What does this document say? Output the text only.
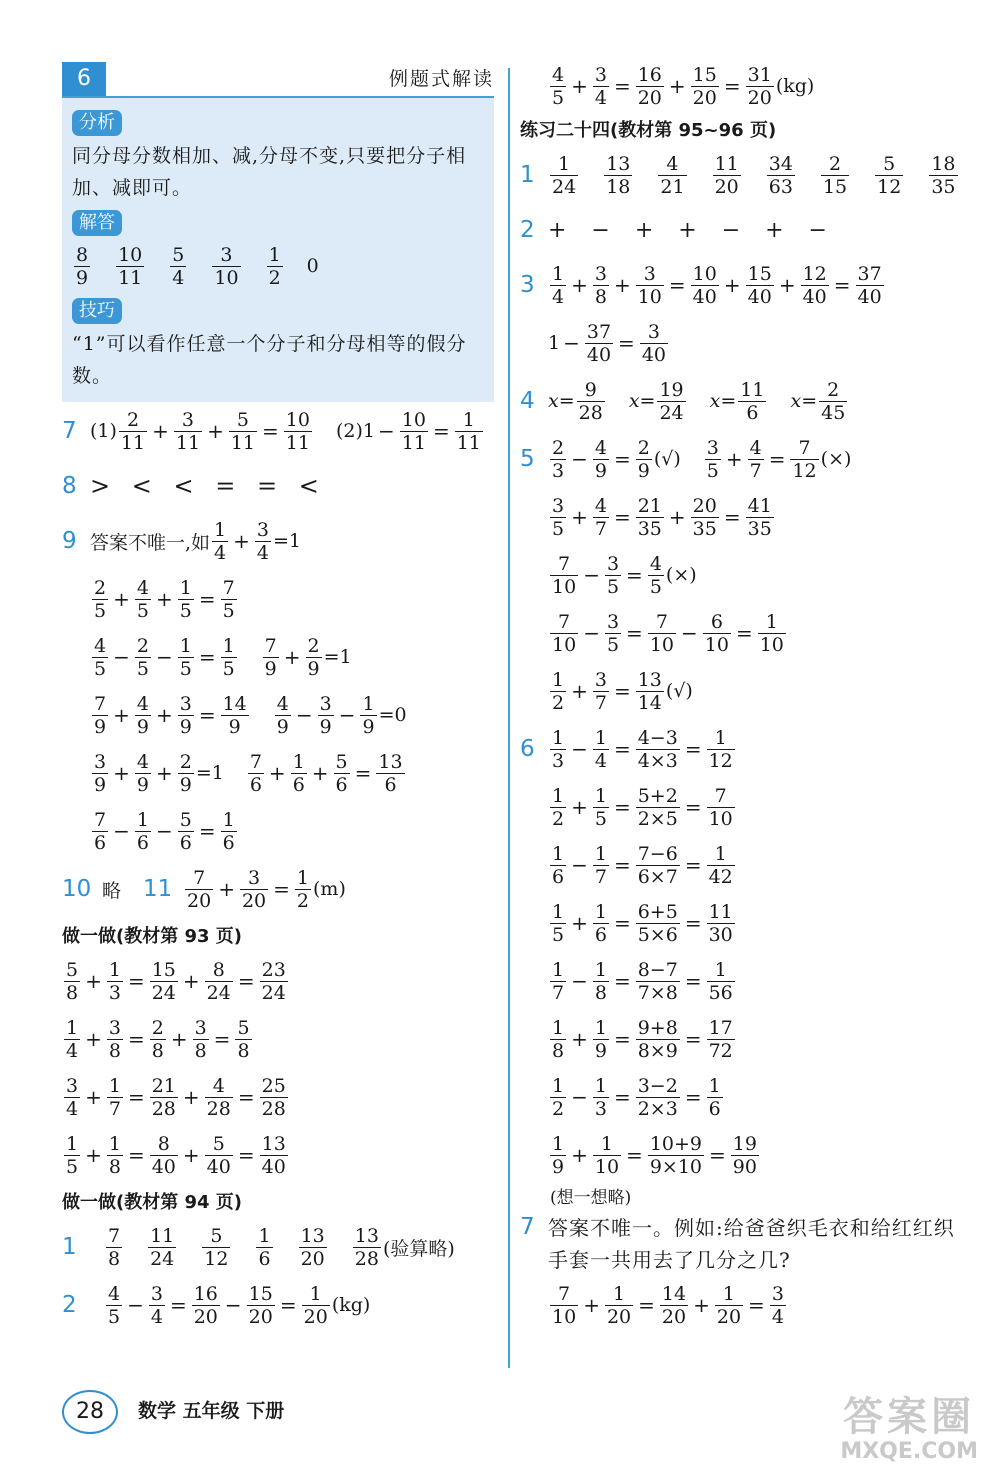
6	例题式解读
分析
同分母分数相加、减,分母不变,只要把分子相加、减即可。
解答
$\frac{8}{9} \frac{10}{11} \frac{5}{4} \frac{3}{10} \frac{1}{2} 0$
技巧
“1”可以看作任意一个分子和分母相等的假分数。
7 $(1) \frac{2}{11} + \frac{3}{11} + \frac{5}{11} = \frac{10}{11} (2)1 - \frac{10}{11} = \frac{1}{11}$
8 > < < = = <
9 答案不唯一,如 $\frac{1}{4} + \frac{3}{4} =1$
$\frac{2}{5} + \frac{4}{5} + \frac{1}{5} = \frac{7}{5}$
$\frac{4}{5} - \frac{2}{5} - \frac{1}{5} = \frac{1}{5} \frac{7}{9} + \frac{2}{9} =1$
$\frac{7}{9} + \frac{4}{9} + \frac{3}{9} = \frac{14}{9} \frac{4}{9} - \frac{3}{9} - \frac{1}{9} =0$
$\frac{3}{9} + \frac{4}{9} + \frac{2}{9} =1 \frac{7}{6} + \frac{1}{6} + \frac{5}{6} = \frac{13}{6}$
$\frac{7}{6} - \frac{1}{6} - \frac{5}{6} = \frac{1}{6}$
10 略 $11 \frac{7}{20} + \frac{3}{20} = \frac{1}{2} (m)$
做一做(教材第 93 页)
$\frac{5}{8} + \frac{1}{3} = \frac{15}{24} + \frac{8}{24} = \frac{23}{24}$
$\frac{1}{4} + \frac{3}{8} = \frac{2}{8} + \frac{3}{8} = \frac{5}{8}$
$\frac{3}{4} + \frac{1}{7} = \frac{21}{28} + \frac{4}{28} = \frac{25}{28}$
$\frac{1}{5} + \frac{1}{8} = \frac{8}{40} + \frac{5}{40} = \frac{13}{40}$
做一做(教材第 94 页)
1	$\frac{7}{8} \frac{11}{24} \frac{5}{12} \frac{1}{6} \frac{13}{20} \frac{13}{28}$ (验算略)
2	$\frac{4}{5} - \frac{3}{4} = \frac{16}{20} - \frac{15}{20} = \frac{1}{20} (kg)$
$\frac{4}{5} + \frac{3}{4} = \frac{16}{20} + \frac{15}{20} = \frac{31}{20} (kg)$
练习二十四(教材第 95~96 页)
$1 \frac{1}{24} \frac{13}{18} \frac{4}{21} \frac{11}{20} \frac{34}{63} \frac{2}{15} \frac{5}{12} \frac{18}{35}$
2 + − + + − + −
$3 \frac{1}{4} + \frac{3}{8} + \frac{3}{10} = \frac{10}{40} + \frac{15}{40} + \frac{12}{40} = \frac{37}{40}$
$1 - \frac{37}{40} = \frac{3}{40}$
4 $x= \frac{9}{28} x= \frac{19}{24} x= \frac{11}{6} x= \frac{2}{45}$
$5 \frac{2}{3} - \frac{4}{9} = \frac{2}{9}$ (√) $\frac{3}{5} + \frac{4}{7} = \frac{7}{12}$ (×)
$\frac{3}{5} + \frac{4}{7} = \frac{21}{35} + \frac{20}{35} = \frac{41}{35}$
$\frac{7}{10} - \frac{3}{5} = \frac{4}{5}$ (×)
$\frac{7}{10} - \frac{3}{5} = \frac{7}{10} - \frac{6}{10} = \frac{1}{10}$
$\frac{1}{2} + \frac{3}{7} = \frac{13}{14}$ (√)
$6 \frac{1}{3} - \frac{1}{4} = \frac{4-3}{4\times 3} = \frac{1}{12}$
$\frac{1}{2} + \frac{1}{5} = \frac{5+2}{2\times 5} = \frac{7}{10}$
$\frac{1}{6} - \frac{1}{7} = \frac{7-6}{6\times 7} = \frac{1}{42}$
$\frac{1}{5} + \frac{1}{6} = \frac{6+5}{5\times 6} = \frac{11}{30}$
$\frac{1}{7} - \frac{1}{8} = \frac{8-7}{7\times 8} = \frac{1}{56}$
$\frac{1}{8} + \frac{1}{9} = \frac{9+8}{8\times 9} = \frac{17}{72}$
$\frac{1}{2} - \frac{1}{3} = \frac{3-2}{2\times 3} = \frac{1}{6}$
$\frac{1}{9} + \frac{1}{10} = \frac{10+9}{9\times 10} = \frac{19}{90}$
(想一想略)
7 答案不唯一。例如:给爸爸织毛衣和给红红织手套一共用去了几分之几?
$\frac{7}{10} + \frac{1}{20} = \frac{14}{20} + \frac{1}{20} = \frac{3}{4}$
28	数学 五年级 下册	答案圈
MXQE.COM
